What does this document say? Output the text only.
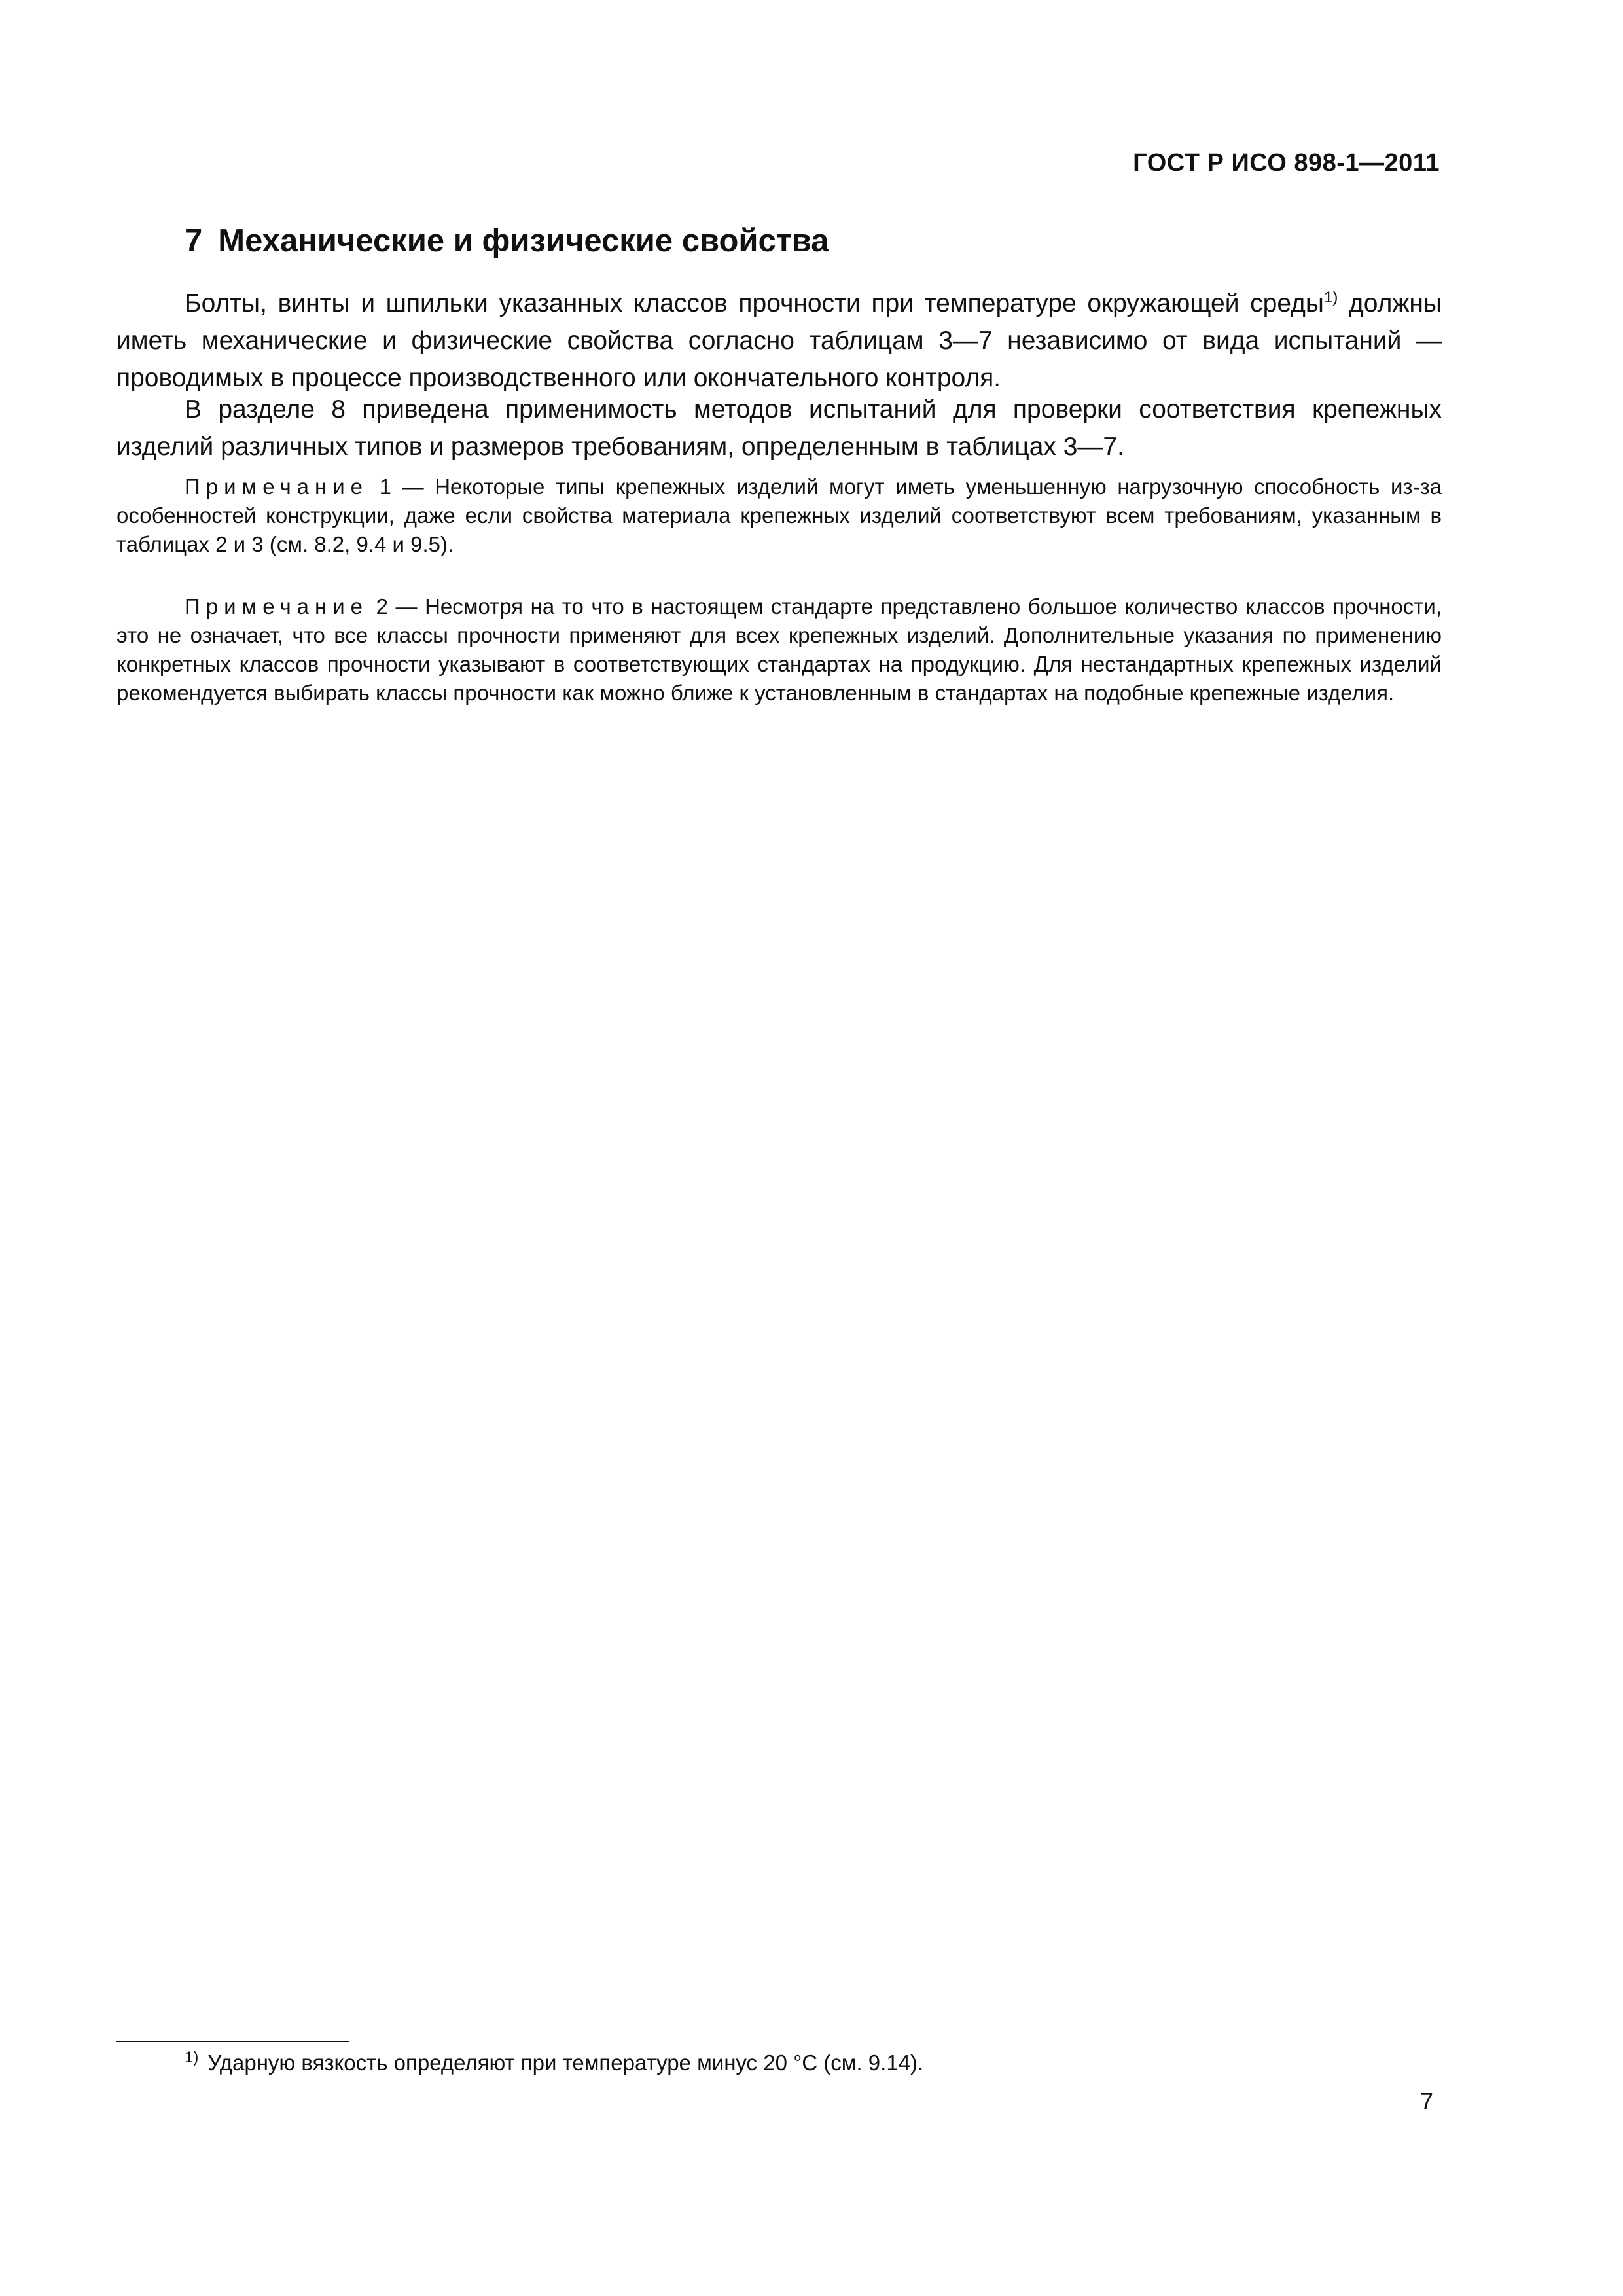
ГОСТ Р ИСО 898-1—2011
7 Механические и физические свойства

Болты, винты и шпильки указанных классов прочности при температуре окружающей среды$^{1)}$ должны иметь механические и физические свойства согласно таблицам 3—7 независимо от вида испытаний — проводимых в процессе производственного или окончательного контроля.

В разделе 8 приведена применимость методов испытаний для проверки соответствия крепежных изделий различных типов и размеров требованиям, определенным в таблицах 3—7.

Примечание 1 — Некоторые типы крепежных изделий могут иметь уменьшенную нагрузочную способность из-за особенностей конструкции, даже если свойства материала крепежных изделий соответствуют всем требованиям, указанным в таблицах 2 и 3 (см. 8.2, 9.4 и 9.5).

Примечание 2 — Несмотря на то что в настоящем стандарте представлено большое количество классов прочности, это не означает, что все классы прочности применяют для всех крепежных изделий. Дополнительные указания по применению конкретных классов прочности указывают в соответствующих стандартах на продукцию. Для нестандартных крепежных изделий рекомендуется выбирать классы прочности как можно ближе к установленным в стандартах на подобные крепежные изделия.

$^{1)}$ Ударную вязкость определяют при температуре минус 20 °С (см. 9.14).

7
